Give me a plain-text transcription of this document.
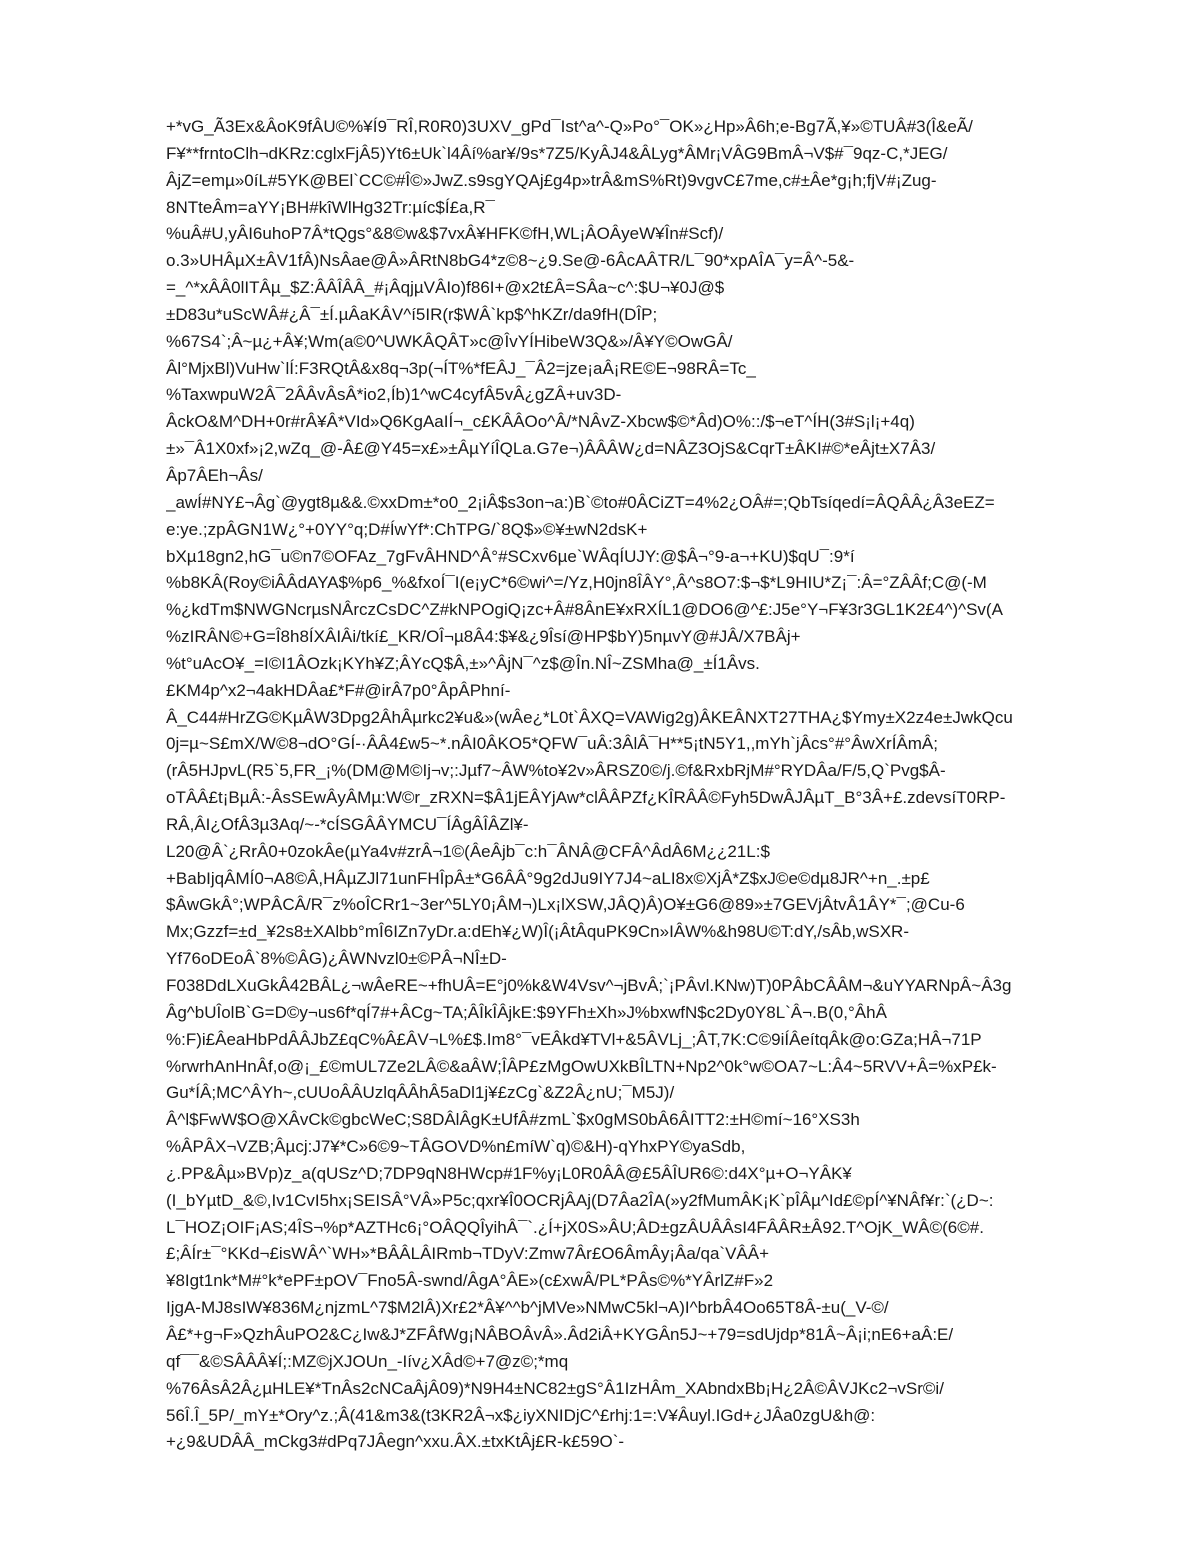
+*vG_Ã3Ex&ÂoK9fÂU©%¥Í9¯RÎ,R0R0)3UXV_gPd¯Ist^a^-Q»Po°¯OK»¿Hp»Â6h;e-Bg7Ã,¥»©TUÂ#3(Î&eÃ/
F¥**frntoClh¬dKRz:cglxFjÂ5)Yt6±Uk`l4Âí%ar¥/9s*7Z5/KyÂJ4&ÂLyg*ÂMr¡VÂG9BmÂ¬V$#¯9qz-C,*JEG/
ÂjZ=emµ»0íL#5YK@BEl`CC©#Î©»JwZ.s9sgYQAj£g4p»trÂ&mS%Rt)9vgvC£7me,c#±Âe*g¡h;fjV#¡Zug-
8NTteÂm=aYY¡BH#kîWlHg32Tr:µíc$Í£a,R¯
%uÂ#U,yÂI6uhoP7Â*tQgs°&8©w&$7vxÂ¥HFK©fH,WL¡ÂOÂyeW¥În#Scf)/
o.3»UHÂµX±ÂV1fÂ)NsÂae@Â»ÂRtN8bG4*z©8~¿9.Se@-6ÂcAÂTR/L¯90*xpAÎA¯y=Â^-5&-
=_^*xÂÂ0lITÂµ_$Z:ÂÂÎÂÂ_#¡ÂqjµVÂIo)f86I+@x2t£Â=SÂa~c^:$U¬¥0J@$
±D83u*uScWÂ#¿Â¯±Í.µÂaKÂV^í5IR(r$WÂ`kp$^hKZr/da9fH(DÎP;
%67S4`;Â~µ¿+Â¥;Wm(a©0^UWKÂQÂT»c@ÎvYÍHibeW3Q&»/Â¥Y©OwGÂ/
Âl°MjxBl)VuHw`lÍ:F3RQtÂ&x8q¬3p(¬ÍT%*fEÂJ_¯Â2=jze¡aÂ¡RE©E¬98RÂ=Tc_
%TaxwpuW2Â¯2ÂÂvÂsÂ*io2,Íb)1^wC4cyfÂ5vÂ¿gZÂ+uv3D-
ÂckO&M^DH+0r#rÂ¥Â*VId»Q6KgAaIÍ¬_c£KÂÂOo^Â/*NÂvZ-Xbcw$©*Âd)O%::/$¬eT^ÍH(3#S¡l¡+4q)
±»¯Â1X0xf»¡2,wZq_@-Â£@Y45=x£»±ÂµYíÎQLa.G7e¬)ÂÂÂW¿d=NÂZ3OjS&CqrT±ÂKI#©*eÂjt±X7Â3/
Âp7ÂEh¬Âs/
_awÍ#NY£¬Âg`@ygt8µ&&.©xxDm±*o0_2¡iÂ$s3on¬a:)B`©to#0ÂCiZT=4%2¿OÂ#=;QbTsíqedí=ÂQÂÂ¿Â3eEZ=
e:ye.;zpÂGN1W¿°+0YY°q;D#ÍwYf*:ChTPG/`8Q$»©¥±wN2dsK+
bXµ18gn2,hG¯u©n7©OFAz_7gFvÂHND^Â°#SCxv6µe`WÂqÍUJY:@$Â¬°9-a¬+KU)$qU¯:9*í
%b8KÂ(Roy©iÂÂdAYA$%p6_%&fxoÍ¯I(e¡yC*6©wi^=/Yz,H0jn8ÎÂY°,Â^s8O7:$¬$*L9HIU*Z¡¯:Â=°ZÂÂf;C@(-M
%¿kdTm$NWGNcrµsNÂrczCsDC^Z#kNPOgiQ¡zc+Â#8ÂnE¥xRXÍL1@DO6@^£:J5e°Y¬F¥3r3GL1K2£4^)^Sv(A
%zIRÂN©+G=Î8h8ÍXÂIÂi/tkí£_KR/OÎ¬µ8Â4:$¥&¿9Îsí@HP$bY)5nµvY@#JÂ/X7BÂj+
%t°uAcO¥_=I©I1ÂOzk¡KYh¥Z;ÂYcQ$Â,±»^ÂjN¯^z$@În.NÎ~ZSMha@_±Í1Âvs.
£KM4p^x2¬4akHDÂa£*F#@irÂ7p0°ÂpÂPhní-
Â_C44#HrZG©KµÂW3Dpg2ÂhÂµrkc2¥u&»(wÂe¿*L0t`ÂXQ=VAWig2g)ÂKEÂNXT27THA¿$Ymy±X2z4e±JwkQcu
0j=µ~S£mX/W©8¬dO°GÍ-·ÂÂ4£w5~*.nÂI0ÂKO5*QFW¯uÂ:3ÂlÂ¯H**5¡tN5Y1,,mYh`jÂcs°#°ÂwXrÍÂmÂ;
(rÂ5HJpvL(R5`5,FR_¡%(DM@M©Ij¬v;:Jµf7~ÂW%to¥2v»ÂRSZ0©/j.©f&RxbRjM#°RYDÂa/F/5,Q`Pvg$Â-
oTÂÂ£t¡BµÂ:-ÂsSEwÂyÂMµ:W©r_zRXN=$Â1jEÂYjAw*clÂÂPZf¿KÎRÂÂ©Fyh5DwÂJÂµT_B°3Â+£.zdevsíT0RP-
RÂ,ÂI¿OfÂ3µ3Aq/~-*cÍSGÂÂYMCU¯ÍÂgÂÎÂZl¥-
L20@Â`¿RrÂ0+0zokÂe(µYa4v#zrÂ¬1©(ÂeÂjb¯c:h¯ÂNÂ@CFÂ^ÂdÂ6M¿¿21L:$
+BabIjqÂMÍ0¬A8©Â,HÂµZJl71unFHÎpÂ±*G6ÂÂ°9g2dJu9IY7J4~aLI8x©XjÂ*Z$xJ©e©dµ8JR^+n_.±p£
$ÂwGkÂ°;WPÂCÂ/R¯z%oÎCRr1~3er^5LY0¡ÂM¬)Lx¡lXSW,JÂQ)Â)O¥±G6@89»±7GEVjÂtvÂ1ÂY*¯;@Cu-6
Mx;Gzzf=±d_¥2s8±XAlbb°mÎ6IZn7yDr.a:dEh¥¿W)Î(¡ÂtÂquPK9Cn»IÂW%&h98U©T:dY,/sÂb,wSXR-
Yf76oDEoÂ`8%©ÂG)¿ÂWNvzl0±©PÂ¬NÎ±D-
F038DdLXuGkÂ42BÂL¿¬wÂeRE~+fhUÂ=E°j0%k&W4Vsv^¬jBvÂ;`¡PÂvl.KNw)T)0PÂbCÂÂM¬&uYYARNpÂ~Â3g
Âg^bUÎolB`G=D©y¬us6f*qÍ7#+ÂCg~TA;ÂÎkÎÂjkE:$9YFh±Xh»J%bxwfN$c2Dy0Y8L`Â¬.B(0,°ÂhÂ
%:F)i£ÂeaHbPdÂÂJbZ£qC%Â£ÂV¬L%£$.Im8°¯vEÂkd¥TVl+&5ÂVLj_;ÂT,7K:C©9iÍÂeítqÂk@o:GZa;HÂ¬71P
%rwrhAnHnÂf,o@¡_£©mUL7Ze2LÂ©&aÂW;ÎÂP£zMgOwUXkBÎLTN+Np2^0k°w©OA7~L:Â4~5RVV+Â=%xP£k-
Gu*ÍÂ;MC^ÂYh~,cUUoÂÂUzlqÂÂhÂ5aDl1j¥£zCg`&Z2Â¿nU;¯M5J)/
Â^l$FwW$O@XÂvCk©gbcWeC;S8DÂlÂgK±UfÂ#zmL`$x0gMS0bÂ6ÂITT2:±H©mí~16°XS3h
%ÂPÂX¬VZB;Âµcj:J7¥*C»6©9~TÂGOVD%n£míW`q)©&H)-qYhxPY©yaSdb,
¿.PP&Âµ»BVp)z_a(qUSz^D;7DP9qN8HWcp#1F%y¡L0R0ÂÂ@£5ÂÎUR6©:d4X°µ+O¬YÂK¥
(I_bYµtD_&©,Iv1CvI5hx¡SEISÂ°VÂ»P5c;qxr¥Î0OCRjÂAj(D7Âa2ÎA(»y2fMumÂK¡K`pÎÂµ^Id£©pÍ^¥NÂf¥r:`(¿D~:
L¯HOZ¡OIF¡AS;4ÎS¬%p*AZTHc6¡°OÂQQÎyihÂ¯`.¿Í+jX0S»ÂU;ÂD±gzÂUÂÂsI4FÂÂR±Â92.T^OjK_WÂ©(6©#.
£;ÂÍr±¯°KKd¬£isWÂ^`WH»*BÂÂLÂIRmb¬TDyV:Zmw7Âr£O6ÂmÂy¡Âa/qa`VÂÂ+
¥8Igt1nk*M#°k*ePF±pOV¯Fno5Â-swnd/ÂgA°ÂE»(c£xwÂ/PL*PÂs©%*YÂrlZ#F»2
IjgA-MJ8sIW¥836M¿njzmL^7$M2lÂ)Xr£2*Â¥^^b^jMVe»NMwC5kl¬A)I^brbÂ4Oo65T8Â-±u(_V-©/
Â£*+g¬F»QzhÂuPO2&C¿Iw&J*ZFÂfWg¡NÂBOÂvÂ».Âd2iÂ+KYGÂn5J~+79=sdUjdp*81Â~Â¡i;nE6+aÂ:E/
qf¯¯&©SÂÂÂ¥Í;:MZ©jXJOUn_-Iív¿XÂd©+7@z©;*mq
%76ÂsÂ2Â¿µHLE¥*TnÂs2cNCaÂjÂ09)*N9H4±NC82±gS°Â1IzHÂm_XAbndxBb¡H¿2Â©ÂVJKc2¬vSr©i/
56Î.Î_5P/_mY±*Ory^z.;Â(41&m3&(t3KR2Â¬x$¿iyXNIDjC^£rhj:1=:V¥Âuyl.IGd+¿JÂa0zgU&h@:
+¿9&UDÂÂ_mCkg3#dPq7JÂegn^xxu.ÂX.±txKtÂj£R-k£59O`-
